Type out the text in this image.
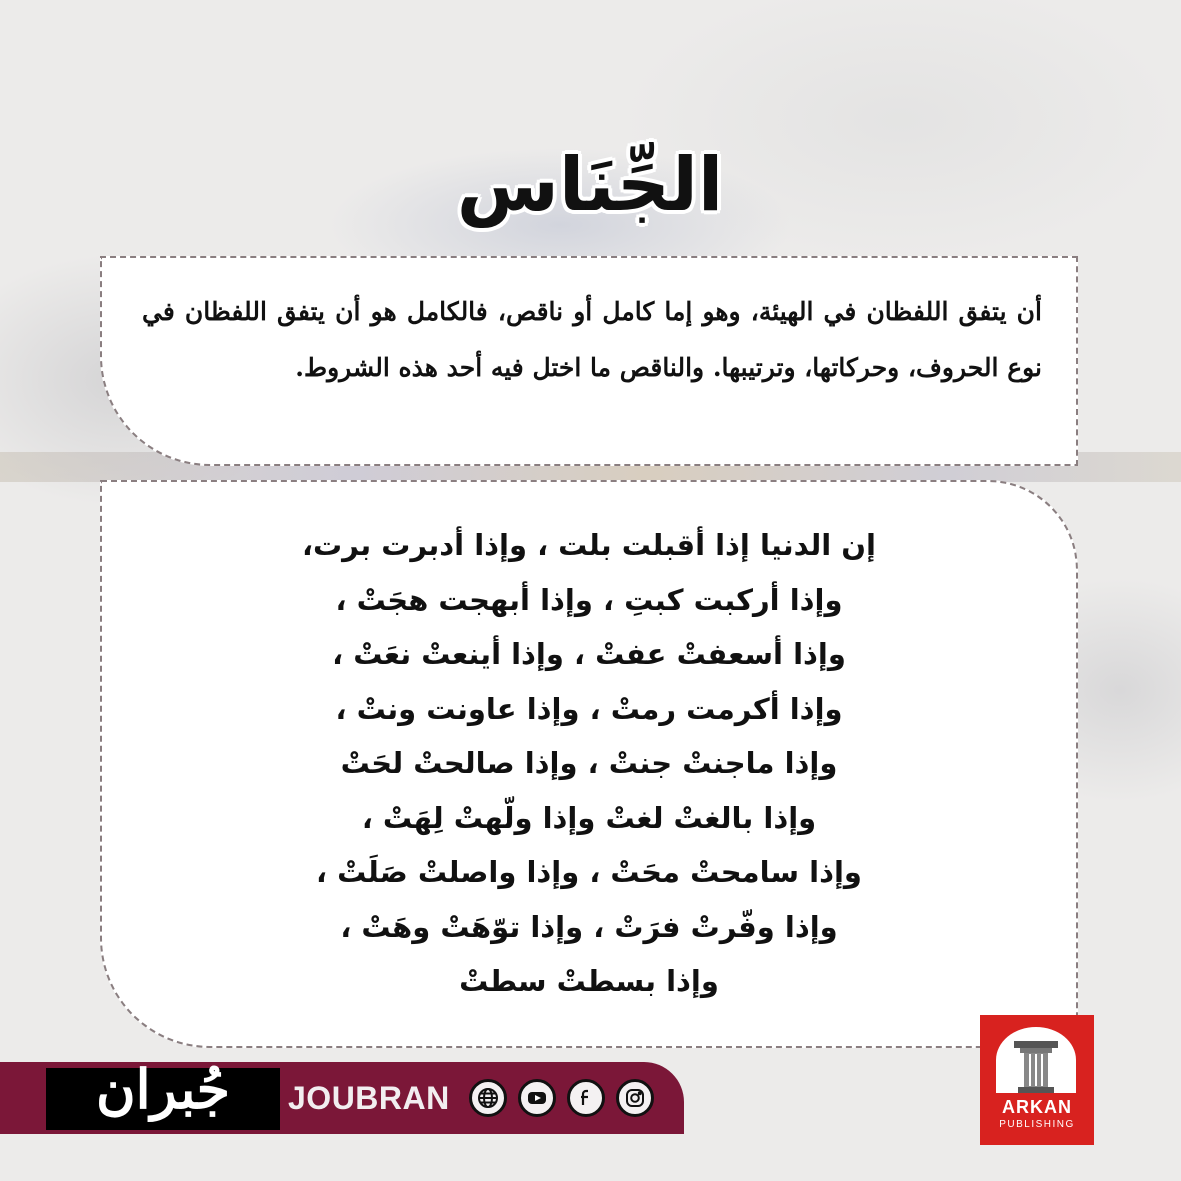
الجِّنَاس
أن يتفق اللفظان في الهيئة، وهو إما كامل أو ناقص، فالكامل هو أن يتفق اللفظان في نوع الحروف، وحركاتها، وترتيبها. والناقص ما اختل فيه أحد هذه الشروط.
إن الدنيا إذا أقبلت بلت ، وإذا أدبرت برت،
وإذا أركبت كبتِ ، وإذا أبهجت هجَتْ ،
وإذا أسعفتْ عفتْ ، وإذا أينعتْ نعَتْ ،
وإذا أكرمت رمتْ ، وإذا عاونت ونتْ ،
وإذا ماجنتْ جنتْ ، وإذا صالحتْ لحَتْ
وإذا بالغتْ لغتْ وإذا ولّهتْ لِهَتْ ،
وإذا سامحتْ محَتْ ، وإذا واصلتْ صَلَتْ ،
وإذا وفّرتْ فرَتْ ، وإذا توّهَتْ وهَتْ ،
وإذا بسطتْ سطتْ
جُبران JOUBRAN	ARKAN
PUBLISHING
